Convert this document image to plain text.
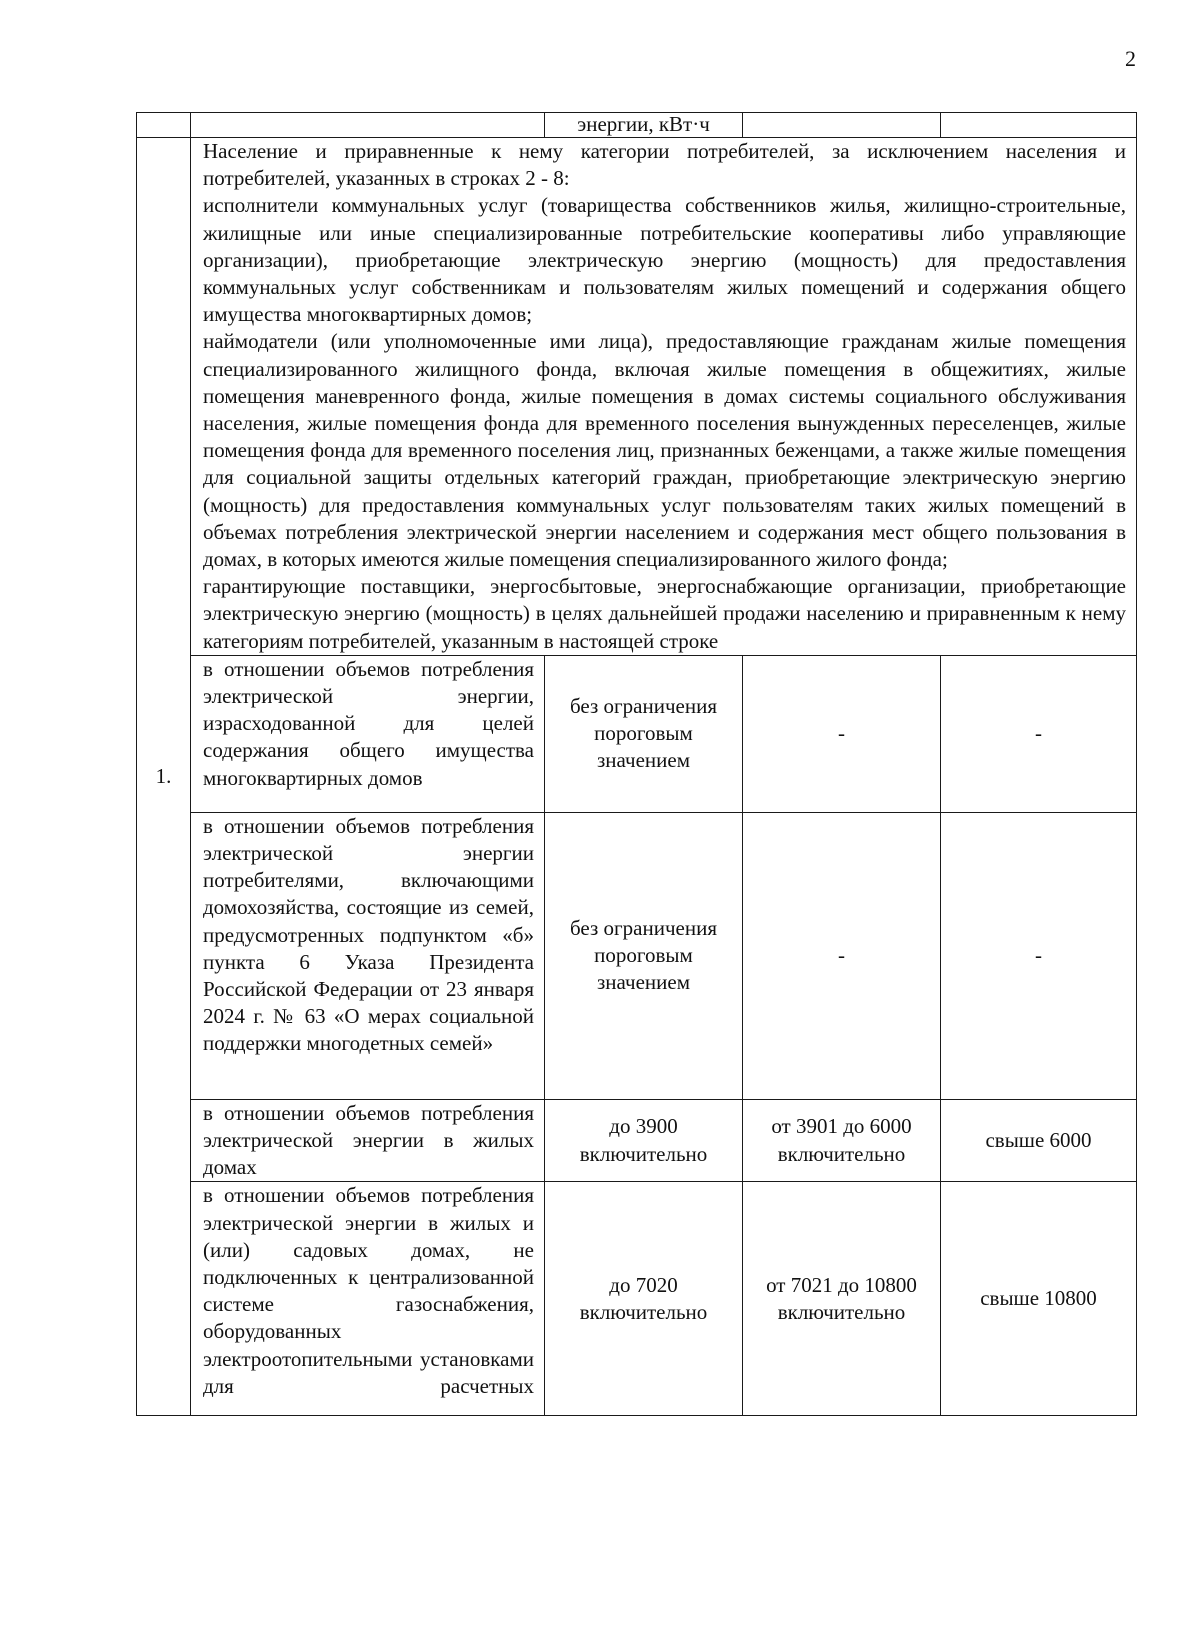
2
		энергии, кВт·ч		
1.	Население и приравненные к нему категории потребителей, за исключением населения и потребителей, указанных в строках 2 - 8:

исполнители коммунальных услуг (товарищества собственников жилья, жилищно-строительные, жилищные или иные специализированные потребительские кооперативы либо управляющие организации), приобретающие электрическую энергию (мощность) для предоставления коммунальных услуг собственникам и пользователям жилых помещений и содержания общего имущества многоквартирных домов;

наймодатели (или уполномоченные ими лица), предоставляющие гражданам жилые помещения специализированного жилищного фонда, включая жилые помещения в общежитиях, жилые помещения маневренного фонда, жилые помещения в домах системы социального обслуживания населения, жилые помещения фонда для временного поселения вынужденных переселенцев, жилые помещения фонда для временного поселения лиц, признанных беженцами, а также жилые помещения для социальной защиты отдельных категорий граждан, приобретающие электрическую энергию (мощность) для предоставления коммунальных услуг пользователям таких жилых помещений в объемах потребления электрической энергии населением и содержания мест общего пользования в домах, в которых имеются жилые помещения специализированного жилого фонда;

гарантирующие поставщики, энергосбытовые, энергоснабжающие организации, приобретающие электрическую энергию (мощность) в целях дальнейшей продажи населению и приравненным к нему категориям потребителей, указанным в настоящей строке			

	в отношении объемов потребления электрической энергии, израсходованной для целей содержания общего имущества многоквартирных домов	без ограничения пороговым значением	-	-
	в отношении объемов потребления электрической энергии потребителями, включающими домохозяйства, состоящие из семей, предусмотренных подпунктом «б» пункта 6 Указа Президента Российской Федерации от 23 января 2024 г. № 63 «О мерах социальной поддержки многодетных семей»	без ограничения пороговым значением	-	-
	в отношении объемов потребления электрической энергии в жилых домах	до 3900 включительно	от 3901 до 6000 включительно	свыше 6000
	в отношении объемов потребления электрической энергии в жилых и (или) садовых домах, не подключенных к централизованной системе газоснабжения, оборудованных электроотопительными установками для расчетных	до 7020 включительно	от 7021 до 10800 включительно	свыше 10800
